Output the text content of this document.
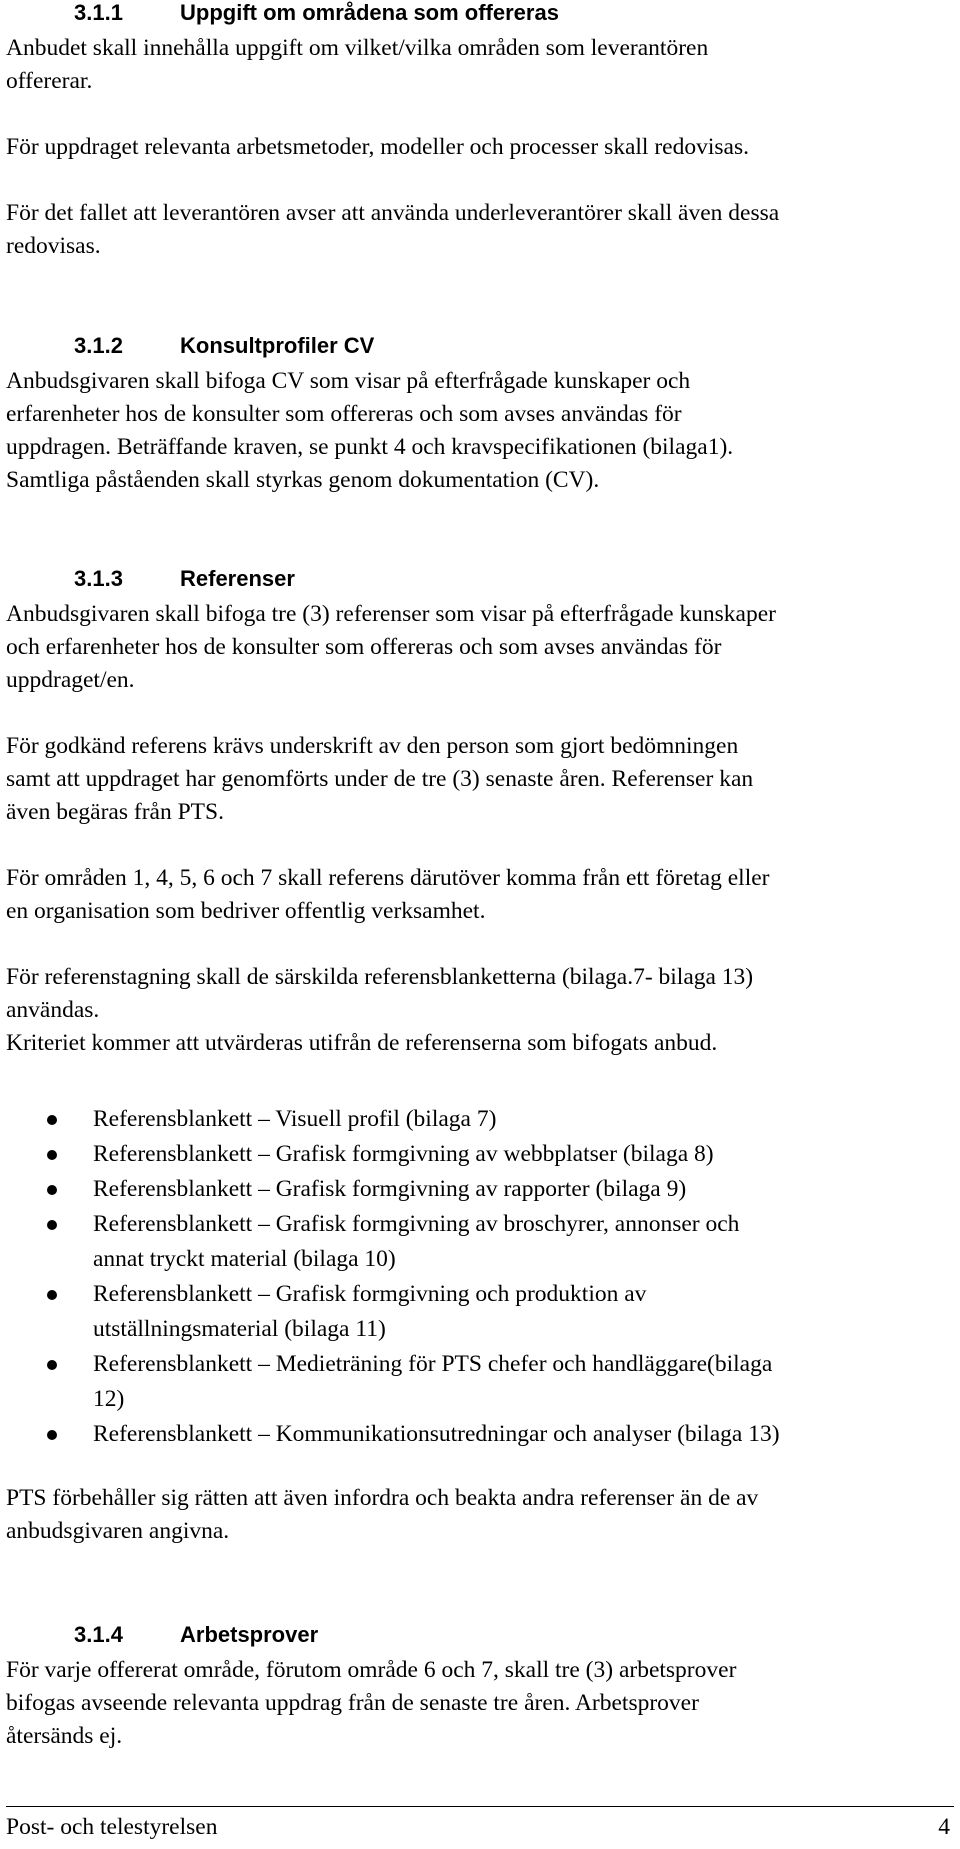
3.1.1	Uppgift om områdena som offereras

Anbudet skall innehålla uppgift om vilket/vilka områden som leverantören
offererar.

För uppdraget relevanta arbetsmetoder, modeller och processer skall redovisas.

För det fallet att leverantören avser att använda underleverantörer skall även dessa
redovisas.

3.1.2	Konsultprofiler CV

Anbudsgivaren skall bifoga CV som visar på efterfrågade kunskaper och
erfarenheter hos de konsulter som offereras och som avses användas för
uppdragen. Beträffande kraven, se punkt 4 och kravspecifikationen (bilaga1).
Samtliga påståenden skall styrkas genom dokumentation (CV).

3.1.3	Referenser

Anbudsgivaren skall bifoga tre (3) referenser som visar på efterfrågade kunskaper
och erfarenheter hos de konsulter som offereras och som avses användas för
uppdraget/en.

För godkänd referens krävs underskrift av den person som gjort bedömningen
samt att uppdraget har genomförts under de tre (3) senaste åren. Referenser kan
även begäras från PTS.

För områden 1, 4, 5, 6 och 7 skall referens därutöver komma från ett företag eller
en organisation som bedriver offentlig verksamhet.

För referenstagning skall de särskilda referensblanketterna (bilaga.7- bilaga 13)
användas.
Kriteriet kommer att utvärderas utifrån de referenserna som bifogats anbud.

Referensblankett – Visuell profil (bilaga 7)
Referensblankett – Grafisk formgivning av webbplatser (bilaga 8)
Referensblankett – Grafisk formgivning av rapporter (bilaga 9)
Referensblankett – Grafisk formgivning av broschyrer, annonser och
annat tryckt material (bilaga 10)
Referensblankett – Grafisk formgivning och produktion av
utställningsmaterial (bilaga 11)
Referensblankett – Medieträning för PTS chefer och handläggare(bilaga
12)
Referensblankett – Kommunikationsutredningar och analyser (bilaga 13)

PTS förbehåller sig rätten att även infordra och beakta andra referenser än de av
anbudsgivaren angivna.

3.1.4	Arbetsprover

För varje offererat område, förutom område 6 och 7, skall tre (3) arbetsprover
bifogas avseende relevanta uppdrag från de senaste tre åren. Arbetsprover
återsänds ej.

Post- och telestyrelsen	4
